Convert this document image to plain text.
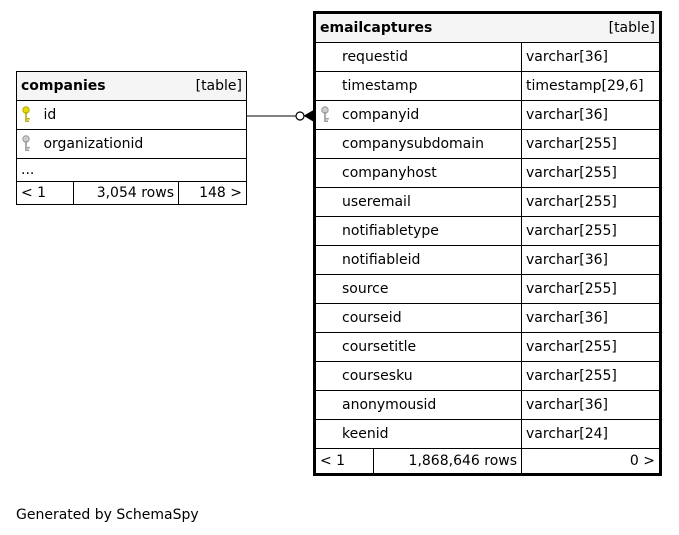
companies	[table]

id

organizationid
...
< 1	3,054 rows	148 >
emailcaptures [table]		

requestid		varchar[36]
timestamp		timestamp[29,6]

companyid		varchar[36]
companysubdomain		varchar[255]
companyhost		varchar[255]
useremail		varchar[255]
notifiabletype		varchar[255]
notifiableid		varchar[36]
source		varchar[255]
courseid		varchar[36]
coursetitle		varchar[255]
coursesku		varchar[255]
anonymousid		varchar[36]
keenid		varchar[24]
< 1	1,868,646 rows	0 >
Generated by SchemaSpy
